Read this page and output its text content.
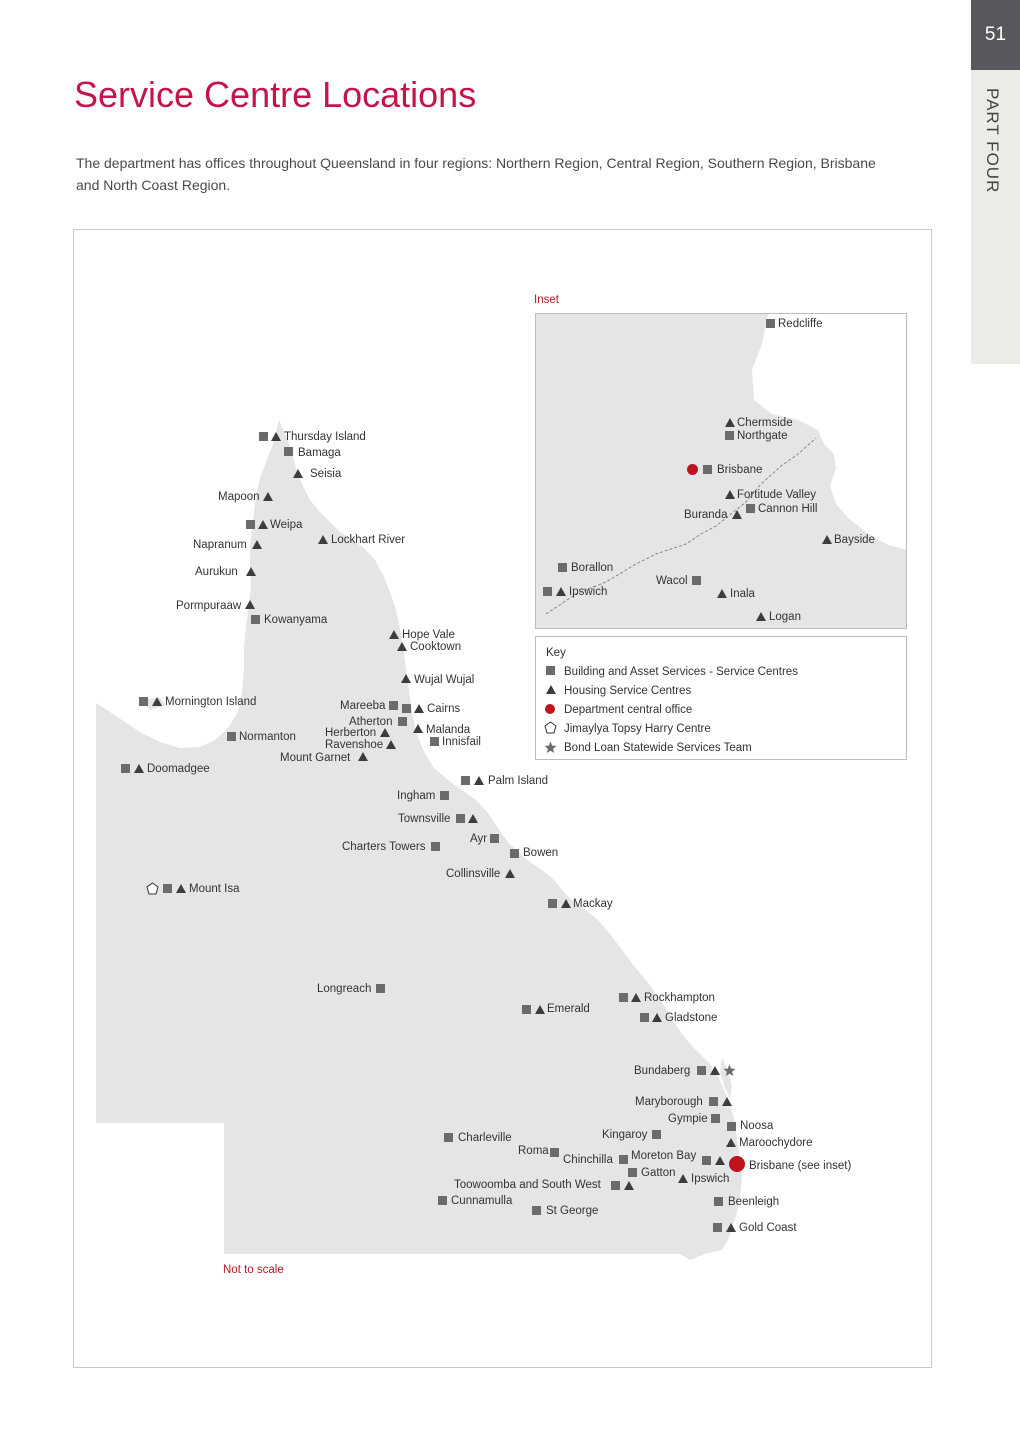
51
PART FOUR
Service Centre Locations

The department has offices throughout Queensland in four regions: Northern Region, Central Region, Southern Region, Brisbane and North Coast Region.

Thursday Island
Bamaga
Seisia
Mapoon
Weipa
Napranum	Lockhart River
Aurukun
Pormpuraaw
Kowanyama
Hope Vale
Cooktown
Wujal Wujal
Mornington Island	Mareeba	Cairns
Atherton
Herberton	Malanda
Normanton
Ravenshoe	Innisfail
Mount Garnet
Doomadgee
Palm Island
Ingham
Townsville
Ayr
Charters Towers	Bowen
Collinsville
Mount Isa
Mackay
Longreach
Rockhampton
Emerald
Gladstone
Bundaberg
Maryborough
Gympie
Noosa
Charleville	Kingaroy
Maroochydore
Roma	Moreton Bay
Brisbane (see inset)
Chinchilla
Gatton Ipswich
Toowoomba and South West
Cunnamulla	Beenleigh
St George
Gold Coast
Not to scale
Inset
Redcliffe
Chermside
Northgate
Brisbane
Fortitude Valley
Buranda	Cannon Hill
Bayside
Borallon
Wacol
Ipswich	Inala
Logan
Key
Building and Asset Services - Service Centres
Housing Service Centres
Department central office
Jimaylya Topsy Harry Centre
Bond Loan Statewide Services Team
